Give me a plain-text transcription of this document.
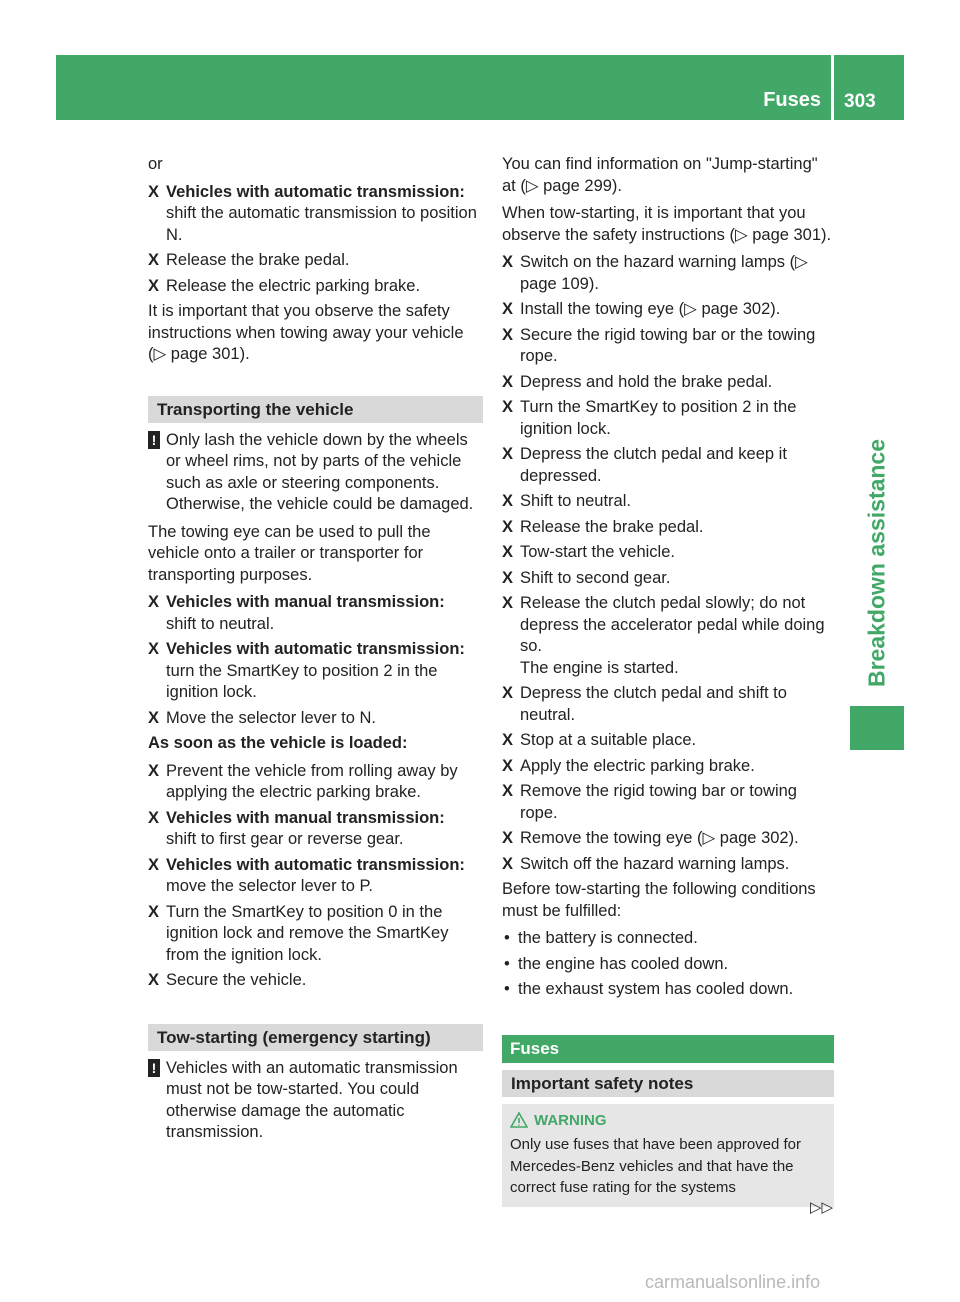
Fuses 303
Breakdown assistance
or
X Vehicles with automatic transmission:
shift the automatic transmission to position N.
X Release the brake pedal.
X Release the electric parking brake.
It is important that you observe the safety instructions when towing away your vehicle (▷ page 301).
Transporting the vehicle
! Only lash the vehicle down by the wheels or wheel rims, not by parts of the vehicle such as axle or steering components. Otherwise, the vehicle could be damaged.
The towing eye can be used to pull the vehicle onto a trailer or transporter for transporting purposes.
X Vehicles with manual transmission:
shift to neutral.
X Vehicles with automatic transmission:
turn the SmartKey to position 2 in the ignition lock.
X Move the selector lever to N.
As soon as the vehicle is loaded:
X Prevent the vehicle from rolling away by applying the electric parking brake.
X Vehicles with manual transmission:
shift to first gear or reverse gear.
X Vehicles with automatic transmission:
move the selector lever to P.
X Turn the SmartKey to position 0 in the ignition lock and remove the SmartKey from the ignition lock.
X Secure the vehicle.
Tow-starting (emergency starting)
! Vehicles with an automatic transmission must not be tow-started. You could otherwise damage the automatic transmission.
You can find information on "Jump-starting" at (▷ page 299).
When tow-starting, it is important that you observe the safety instructions (▷ page 301).
X Switch on the hazard warning lamps (▷ page 109).
X Install the towing eye (▷ page 302).
X Secure the rigid towing bar or the towing rope.
X Depress and hold the brake pedal.
X Turn the SmartKey to position 2 in the ignition lock.
X Depress the clutch pedal and keep it depressed.
X Shift to neutral.
X Release the brake pedal.
X Tow-start the vehicle.
X Shift to second gear.
X Release the clutch pedal slowly; do not depress the accelerator pedal while doing so.
The engine is started.
X Depress the clutch pedal and shift to neutral.
X Stop at a suitable place.
X Apply the electric parking brake.
X Remove the rigid towing bar or towing rope.
X Remove the towing eye (▷ page 302).
X Switch off the hazard warning lamps.
Before tow-starting the following conditions must be fulfilled:
• the battery is connected.
• the engine has cooled down.
• the exhaust system has cooled down.
Fuses
Important safety notes
WARNING
Only use fuses that have been approved for Mercedes-Benz vehicles and that have the correct fuse rating for the systems
▷▷
carmanualsonline.info
